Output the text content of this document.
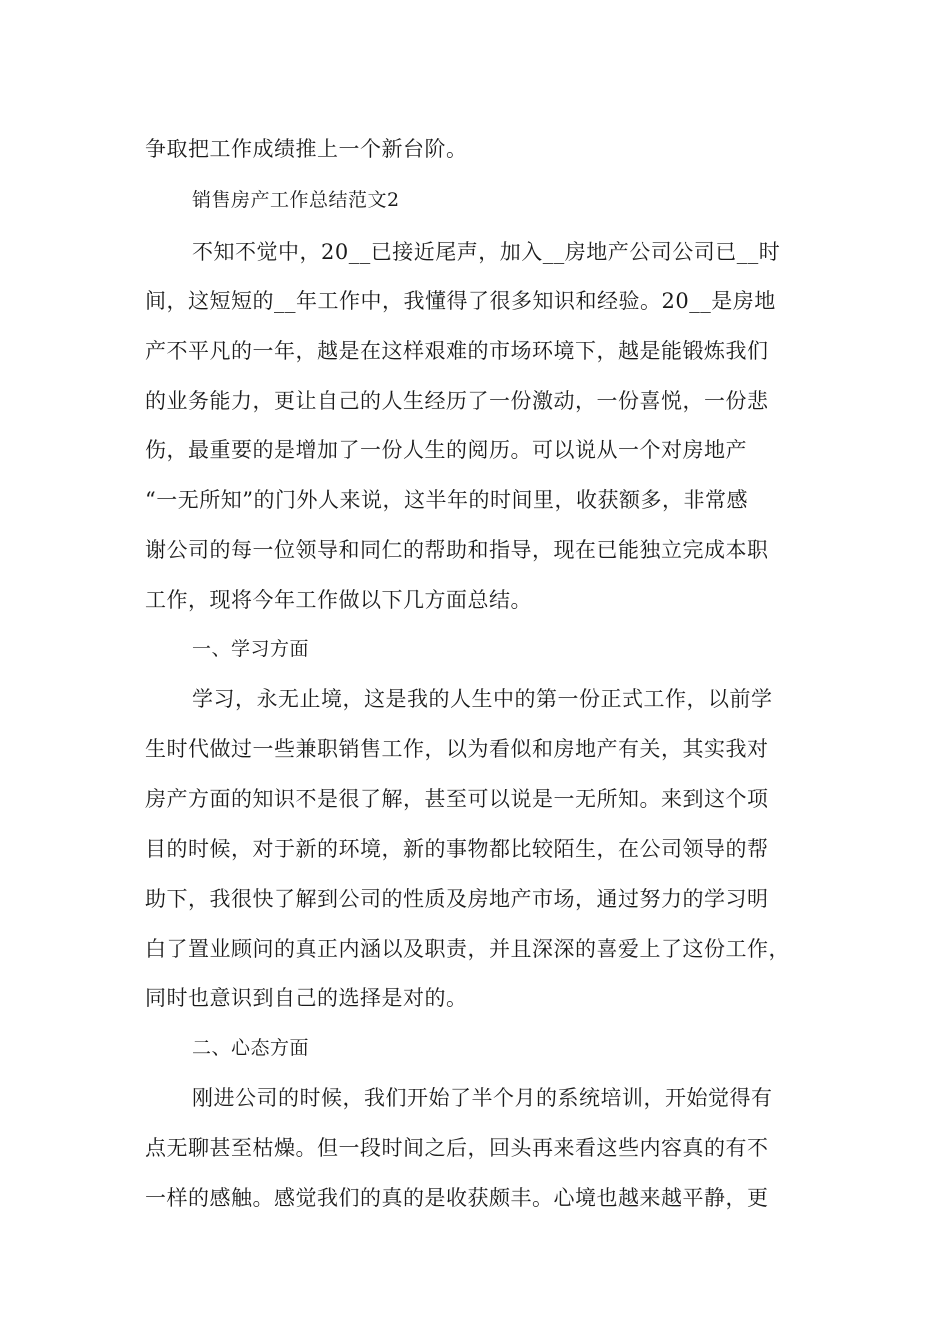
争取把工作成绩推上一个新台阶。
销售房产工作总结范文2
不知不觉中，20__已接近尾声，加入__房地产公司公司已__时
间，这短短的__年工作中，我懂得了很多知识和经验。20__是房地
产不平凡的一年，越是在这样艰难的市场环境下，越是能锻炼我们
的业务能力，更让自己的人生经历了一份激动，一份喜悦，一份悲
伤，最重要的是增加了一份人生的阅历。可以说从一个对房地产
“一无所知”的门外人来说，这半年的时间里，收获额多，非常感
谢公司的每一位领导和同仁的帮助和指导，现在已能独立完成本职
工作，现将今年工作做以下几方面总结。
一、学习方面
学习，永无止境，这是我的人生中的第一份正式工作，以前学
生时代做过一些兼职销售工作，以为看似和房地产有关，其实我对
房产方面的知识不是很了解，甚至可以说是一无所知。来到这个项
目的时候，对于新的环境，新的事物都比较陌生，在公司领导的帮
助下，我很快了解到公司的性质及房地产市场，通过努力的学习明
白了置业顾问的真正内涵以及职责，并且深深的喜爱上了这份工作，
同时也意识到自己的选择是对的。
二、心态方面
刚进公司的时候，我们开始了半个月的系统培训，开始觉得有
点无聊甚至枯燥。但一段时间之后，回头再来看这些内容真的有不
一样的感触。感觉我们的真的是收获颇丰。心境也越来越平静，更
